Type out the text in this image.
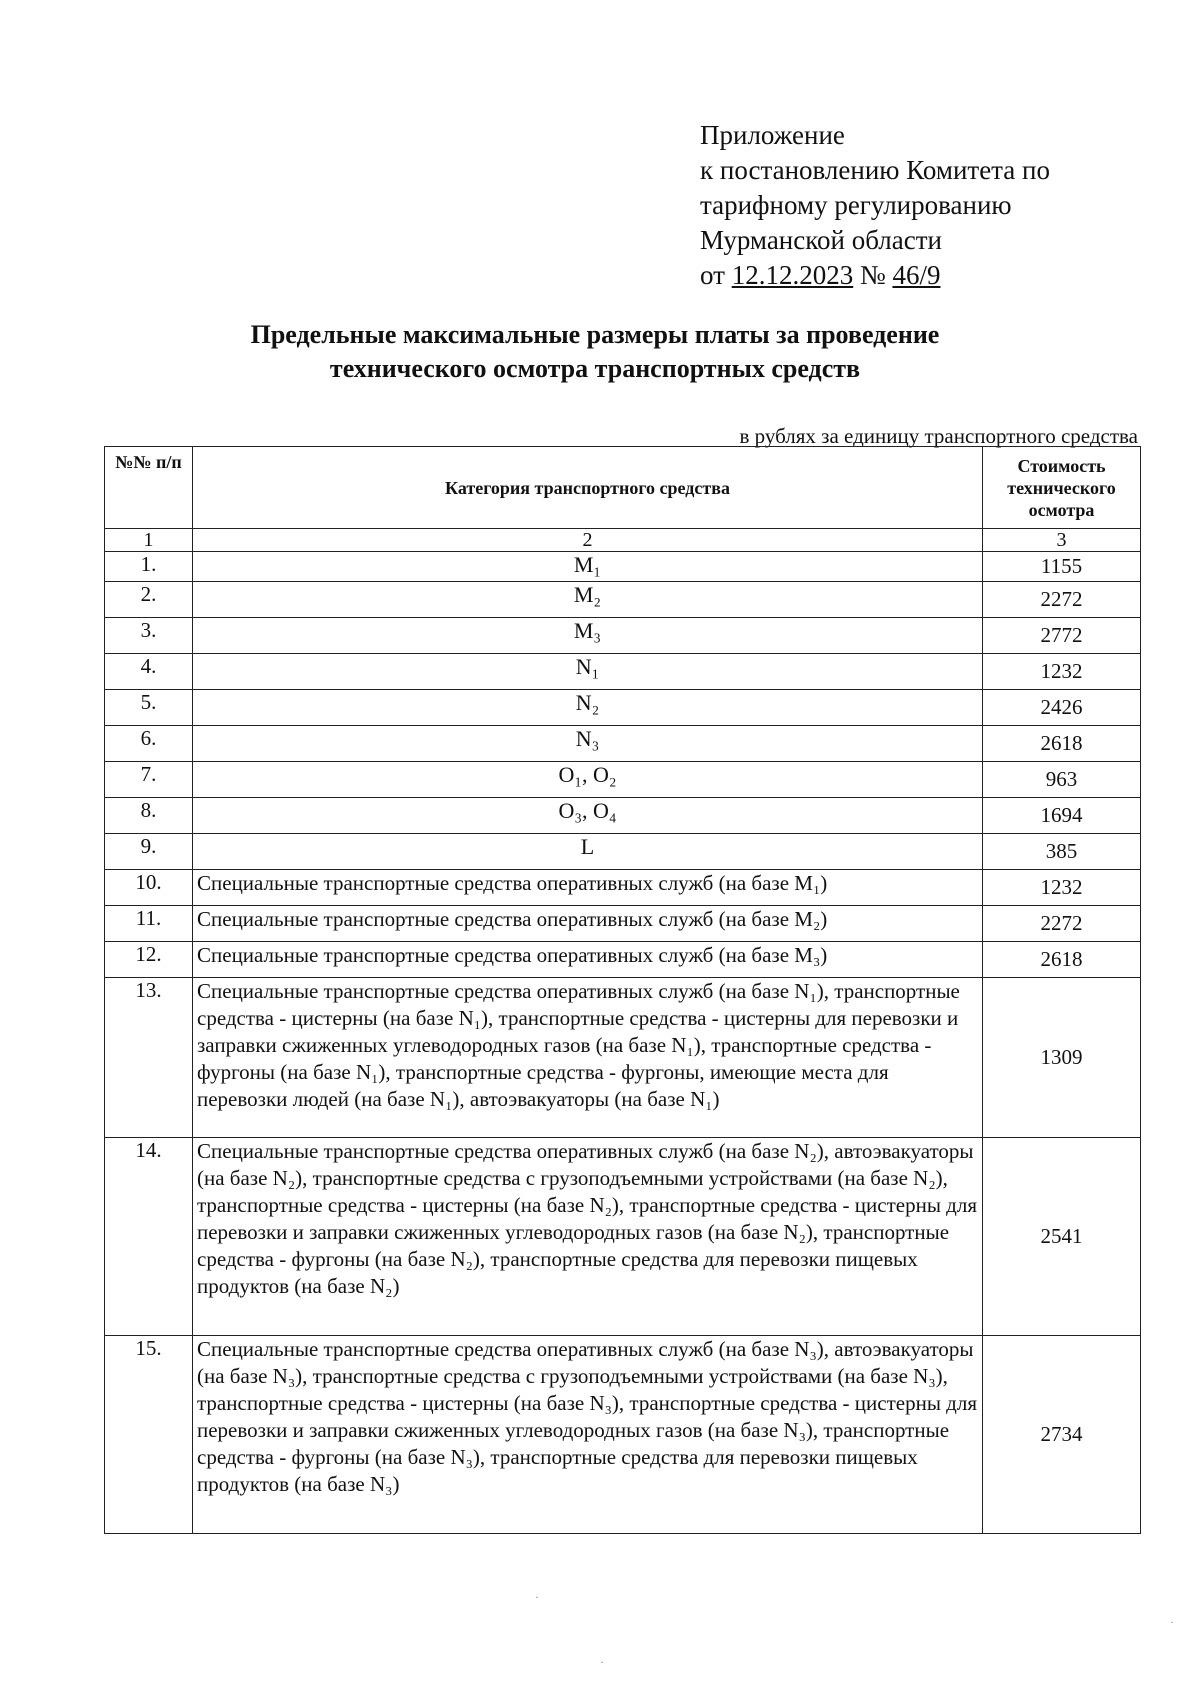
Приложение
к постановлению Комитета по
тарифному регулированию
Мурманской области
от 12.12.2023 № 46/9
Предельные максимальные размеры платы за проведение
технического осмотра транспортных средств
в рублях за единицу транспортного средства
№№ п/п	Категория транспортного средства	Стоимость технического осмотра
1	2	3
1.	M₁	1155
2.	M₂	2272
3.	M₃	2772
4.	N₁	1232
5.	N₂	2426
6.	N₃	2618
7.	O₁, O₂	963
8.	O₃, O₄	1694
9.	L	385
10.	Специальные транспортные средства оперативных служб (на базе M₁)	1232
11.	Специальные транспортные средства оперативных служб (на базе M₂)	2272
12.	Специальные транспортные средства оперативных служб (на базе M₃)	2618
13.	Специальные транспортные средства оперативных служб (на базе N₁), транспортные средства - цистерны (на базе N₁), транспортные средства - цистерны для перевозки и заправки сжиженных углеводородных газов (на базе N₁), транспортные средства - фургоны (на базе N₁), транспортные средства - фургоны, имеющие места для перевозки людей (на базе N₁), автоэвакуаторы (на базе N₁)	1309
14.	Специальные транспортные средства оперативных служб (на базе N₂), автоэвакуаторы (на базе N₂), транспортные средства с грузоподъемными устройствами (на базе N₂), транспортные средства - цистерны (на базе N₂), транспортные средства - цистерны для перевозки и заправки сжиженных углеводородных газов (на базе N₂), транспортные средства - фургоны (на базе N₂), транспортные средства для перевозки пищевых продуктов (на базе N₂)	2541
15.	Специальные транспортные средства оперативных служб (на базе N₃), автоэвакуаторы (на базе N₃), транспортные средства с грузоподъемными устройствами (на базе N₃), транспортные средства - цистерны (на базе N₃), транспортные средства - цистерны для перевозки и заправки сжиженных углеводородных газов (на базе N₃), транспортные средства - фургоны (на базе N₃), транспортные средства для перевозки пищевых продуктов (на базе N₃)	2734
·
·
·
